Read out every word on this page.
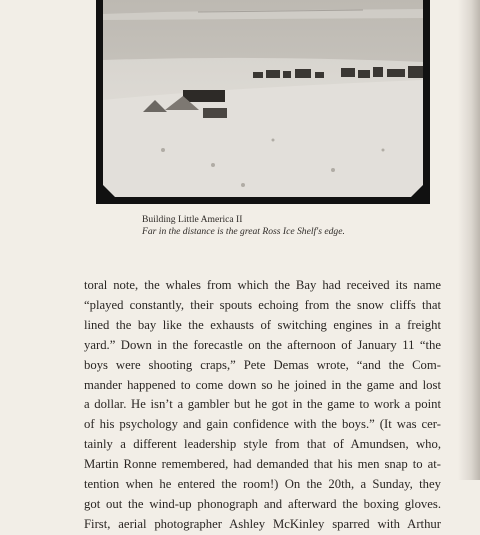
Building Little America II
Far in the distance is the great Ross Ice Shelf's edge.
toral note, the whales from which the Bay had received its name
“played constantly, their spouts echoing from the snow cliffs that
lined the bay like the exhausts of switching engines in a freight
yard.” Down in the forecastle on the afternoon of January 11 “the
boys were shooting craps,” Pete Demas wrote, “and the Com-
mander happened to come down so he joined in the game and lost
a dollar. He isn’t a gambler but he got in the game to work a point
of his psychology and gain confidence with the boys.” (It was cer-
tainly a different leadership style from that of Amundsen, who,
Martin Ronne remembered, had demanded that his men snap to at-
tention when he entered the room!) On the 20th, a Sunday, they
got out the wind-up phonograph and afterward the boxing gloves.
First, aerial photographer Ashley McKinley sparred with Arthur
